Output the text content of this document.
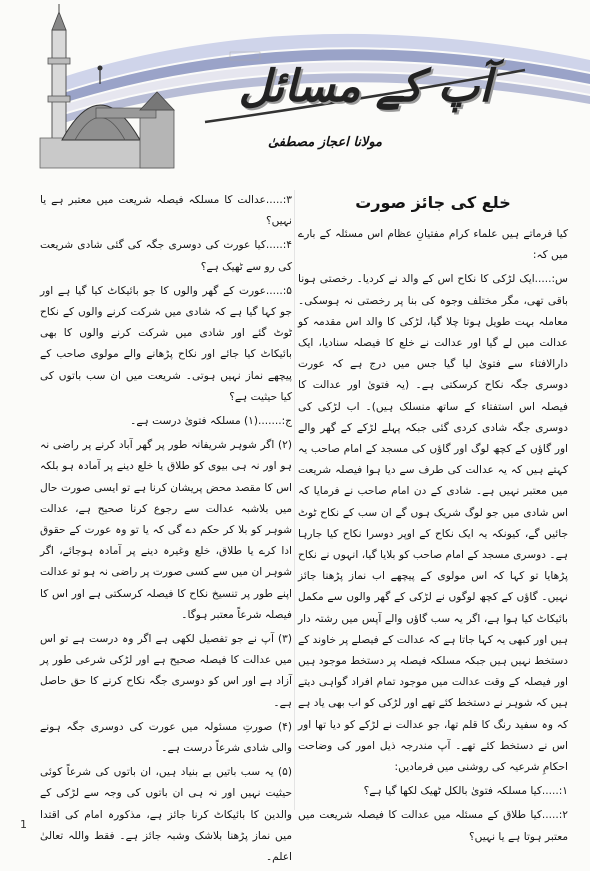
آپ کے مسائل
مولانا اعجاز مصطفیٰ

خلع کی جائز صورت

کیا فرماتے ہیں علماء کرام مفتیانِ عظام اس مسئلہ کے بارے میں کہ:

س:.....ایک لڑکی کا نکاح اس کے والد نے کردیا۔ رخصتی ہونا باقی تھی، مگر مختلف وجوہ کی بنا پر رخصتی نہ ہوسکی۔ معاملہ بہت طویل ہوتا چلا گیا، لڑکی کا والد اس مقدمہ کو عدالت میں لے گیا اور عدالت نے خلع کا فیصلہ سنادیا، ایک دارالافتاء سے فتویٰ لیا گیا جس میں درج ہے کہ عورت دوسری جگہ نکاح کرسکتی ہے۔ (یہ فتویٰ اور عدالت کا فیصلہ اس استفتاء کے ساتھ منسلک ہیں)۔ اب لڑکی کی دوسری جگہ شادی کردی گئی جبکہ پہلے لڑکے کے گھر والے اور گاؤں کے کچھ لوگ اور گاؤں کی مسجد کے امام صاحب یہ کہتے ہیں کہ یہ عدالت کی طرف سے دیا ہوا فیصلہ شریعت میں معتبر نہیں ہے۔ شادی کے دن امام صاحب نے فرمایا کہ اس شادی میں جو لوگ شریک ہوں گے ان سب کے نکاح ٹوٹ جائیں گے، کیونکہ یہ ایک نکاح کے اوپر دوسرا نکاح کیا جارہا ہے۔ دوسری مسجد کے امام صاحب کو بلایا گیا، انہوں نے نکاح پڑھایا تو کہا کہ اس مولوی کے پیچھے اب نماز پڑھنا جائز نہیں۔ گاؤں کے کچھ لوگوں نے لڑکی کے گھر والوں سے مکمل بائیکاٹ کیا ہوا ہے، اگر یہ سب گاؤں والے آپس میں رشتہ دار ہیں اور کبھی یہ کہا جاتا ہے کہ عدالت کے فیصلے پر خاوند کے دستخط نہیں ہیں جبکہ مسلکہ فیصلہ پر دستخط موجود ہیں اور فیصلہ کے وقت عدالت میں موجود تمام افراد گواہی دیتے ہیں کہ شوہر نے دستخط کئے تھے اور لڑکی کو اب بھی یاد ہے کہ وہ سفید رنگ کا قلم تھا، جو عدالت نے لڑکے کو دیا تھا اور اس نے دستخط کئے تھے۔ آپ مندرجہ ذیل امور کی وضاحت احکامِ شرعیہ کی روشنی میں فرمادیں:

۱:.....کیا مسلکہ فتویٰ بالکل ٹھیک لکھا گیا ہے؟

۲:.....کیا طلاق کے مسئلہ میں عدالت کا فیصلہ شریعت میں معتبر ہوتا ہے یا نہیں؟

۳:.....عدالت کا مسلکہ فیصلہ شریعت میں معتبر ہے یا نہیں؟

۴:.....کیا عورت کی دوسری جگہ کی گئی شادی شریعت کی رو سے ٹھیک ہے؟

۵:.....عورت کے گھر والوں کا جو بائیکاٹ کیا گیا ہے اور جو کہا گیا ہے کہ شادی میں شرکت کرنے والوں کے نکاح ٹوٹ گئے اور شادی میں شرکت کرنے والوں کا بھی بائیکاٹ کیا جائے اور نکاح پڑھانے والے مولوی صاحب کے پیچھے نماز نہیں ہوتی۔ شریعت میں ان سب باتوں کی کیا حیثیت ہے؟

ج:.......(۱) مسلکہ فتویٰ درست ہے۔

(۲) اگر شوہر شریفانہ طور پر گھر آباد کرنے پر راضی نہ ہو اور نہ ہی بیوی کو طلاق یا خلع دینے پر آمادہ ہو بلکہ اس کا مقصد محض پریشان کرنا ہے تو ایسی صورت حال میں بلاشبہ عدالت سے رجوع کرنا صحیح ہے، عدالت شوہر کو بلا کر حکم دے گی کہ یا تو وہ عورت کے حقوق ادا کرے یا طلاق، خلع وغیرہ دینے پر آمادہ ہوجائے، اگر شوہر ان میں سے کسی صورت پر راضی نہ ہو تو عدالت اپنے طور پر تنسیخ نکاح کا فیصلہ کرسکتی ہے اور اس کا فیصلہ شرعاً معتبر ہوگا۔

(۳) آپ نے جو تفصیل لکھی ہے اگر وہ درست ہے تو اس میں عدالت کا فیصلہ صحیح ہے اور لڑکی شرعی طور پر آزاد ہے اور اس کو دوسری جگہ نکاح کرنے کا حق حاصل ہے۔

(۴) صورتِ مسئولہ میں عورت کی دوسری جگہ ہونے والی شادی شرعاً درست ہے۔

(۵) یہ سب باتیں بے بنیاد ہیں، ان باتوں کی شرعاً کوئی حیثیت نہیں اور نہ ہی ان باتوں کی وجہ سے لڑکی کے والدین کا بائیکاٹ کرنا جائز ہے، مذکورہ امام کی اقتدا میں نماز پڑھنا بلاشک وشبہ جائز ہے۔ فقط واللہ تعالیٰ اعلم۔

1
